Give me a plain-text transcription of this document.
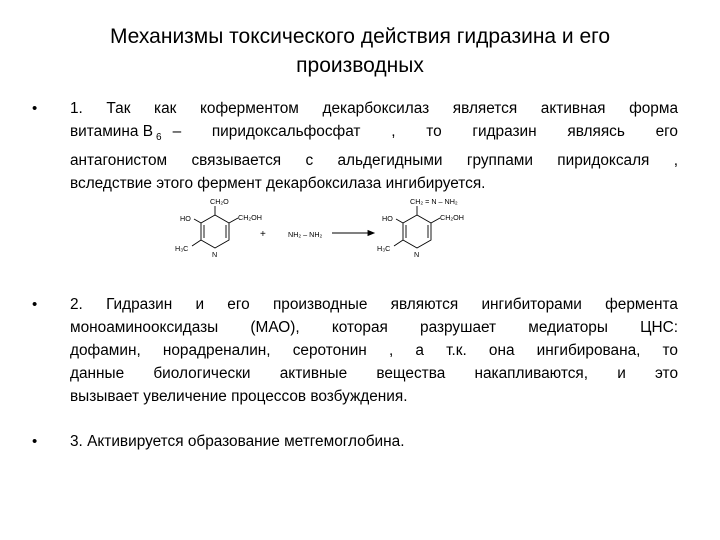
Механизмы токсического действия гидразина и его
производных
• 1. Так как коферментом декарбоксилаз является активная форма
витамина В $_6$ – пиридоксальфосфат , то гидразин являясь его
антагонистом связывается с альдегидными группами пиридоксаля ,
вследствие этого фермент декарбоксилаза ингибируется.
• 2. Гидразин и его производные являются ингибиторами фермента
моноаминооксидазы (МАО), которая разрушает медиаторы ЦНС:
дофамин, норадреналин, серотонин , а т.к. она ингибирована, то
данные биологически активные вещества накапливаются, и это
вызывает увеличение процессов возбуждения.
• 3. Активируется образование метгемоглобина.
CH₂O
HO	CH₂OH
H₃C
N
+	NH₂ – NH₂
CH₂ = N – NH₂
HO	CH₂OH
H₃C
N
